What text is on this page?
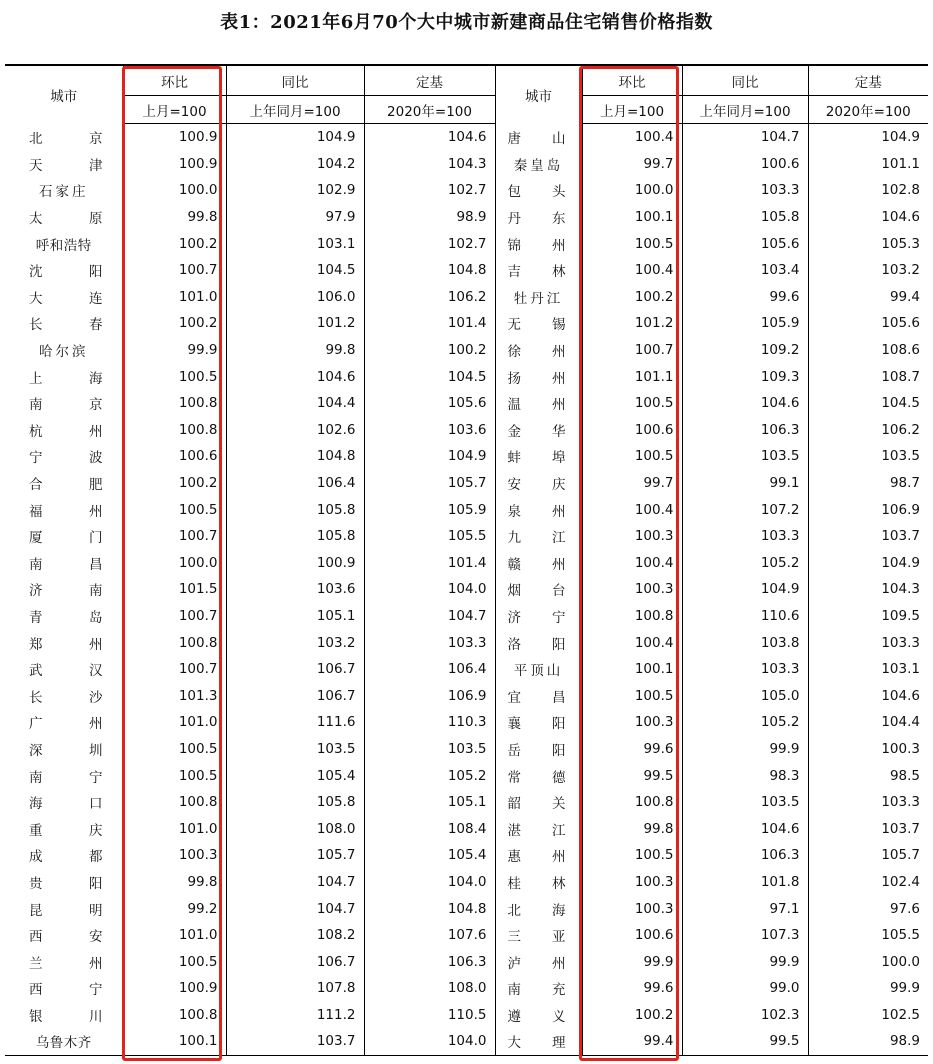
表1：2021年6月70个大中城市新建商品住宅销售价格指数
城市	环比	同比	定基	城市	环比	同比	定基
	上月=100	上年同月=100	2020年=100		上月=100	上年同月=100	2020年=100

北 京	100.9	104.9	104.6	唐 山	100.4	104.7	104.9

天 津	100.9	104.2	104.3	秦皇岛	99.7	100.6	101.1

石家庄	100.0	102.9	102.7	包 头	100.0	103.3	102.8

太 原	99.8	97.9	98.9	丹 东	100.1	105.8	104.6

呼和浩特	100.2	103.1	102.7	锦 州	100.5	105.6	105.3

沈 阳	100.7	104.5	104.8	吉 林	100.4	103.4	103.2

大 连	101.0	106.0	106.2	牡丹江	100.2	99.6	99.4

长 春	100.2	101.2	101.4	无 锡	101.2	105.9	105.6

哈尔滨	99.9	99.8	100.2	徐 州	100.7	109.2	108.6

上 海	100.5	104.6	104.5	扬 州	101.1	109.3	108.7

南 京	100.8	104.4	105.6	温 州	100.5	104.6	104.5

杭 州	100.8	102.6	103.6	金 华	100.6	106.3	106.2

宁 波	100.6	104.8	104.9	蚌 埠	100.5	103.5	103.5

合 肥	100.2	106.4	105.7	安 庆	99.7	99.1	98.7

福 州	100.5	105.8	105.9	泉 州	100.4	107.2	106.9

厦 门	100.7	105.8	105.5	九 江	100.3	103.3	103.7

南 昌	100.0	100.9	101.4	赣 州	100.4	105.2	104.9

济 南	101.5	103.6	104.0	烟 台	100.3	104.9	104.3

青 岛	100.7	105.1	104.7	济 宁	100.8	110.6	109.5

郑 州	100.8	103.2	103.3	洛 阳	100.4	103.8	103.3

武 汉	100.7	106.7	106.4	平顶山	100.1	103.3	103.1

长 沙	101.3	106.7	106.9	宜 昌	100.5	105.0	104.6

广 州	101.0	111.6	110.3	襄 阳	100.3	105.2	104.4

深 圳	100.5	103.5	103.5	岳 阳	99.6	99.9	100.3

南 宁	100.5	105.4	105.2	常 德	99.5	98.3	98.5

海 口	100.8	105.8	105.1	韶 关	100.8	103.5	103.3

重 庆	101.0	108.0	108.4	湛 江	99.8	104.6	103.7

成 都	100.3	105.7	105.4	惠 州	100.5	106.3	105.7

贵 阳	99.8	104.7	104.0	桂 林	100.3	101.8	102.4

昆 明	99.2	104.7	104.8	北 海	100.3	97.1	97.6

西 安	101.0	108.2	107.6	三 亚	100.6	107.3	105.5

兰 州	100.5	106.7	106.3	泸 州	99.9	99.9	100.0

西 宁	100.9	107.8	108.0	南 充	99.6	99.0	99.9

银 川	100.8	111.2	110.5	遵 义	100.2	102.3	102.5

乌鲁木齐	100.1	103.7	104.0	大 理	99.4	99.5	98.9
